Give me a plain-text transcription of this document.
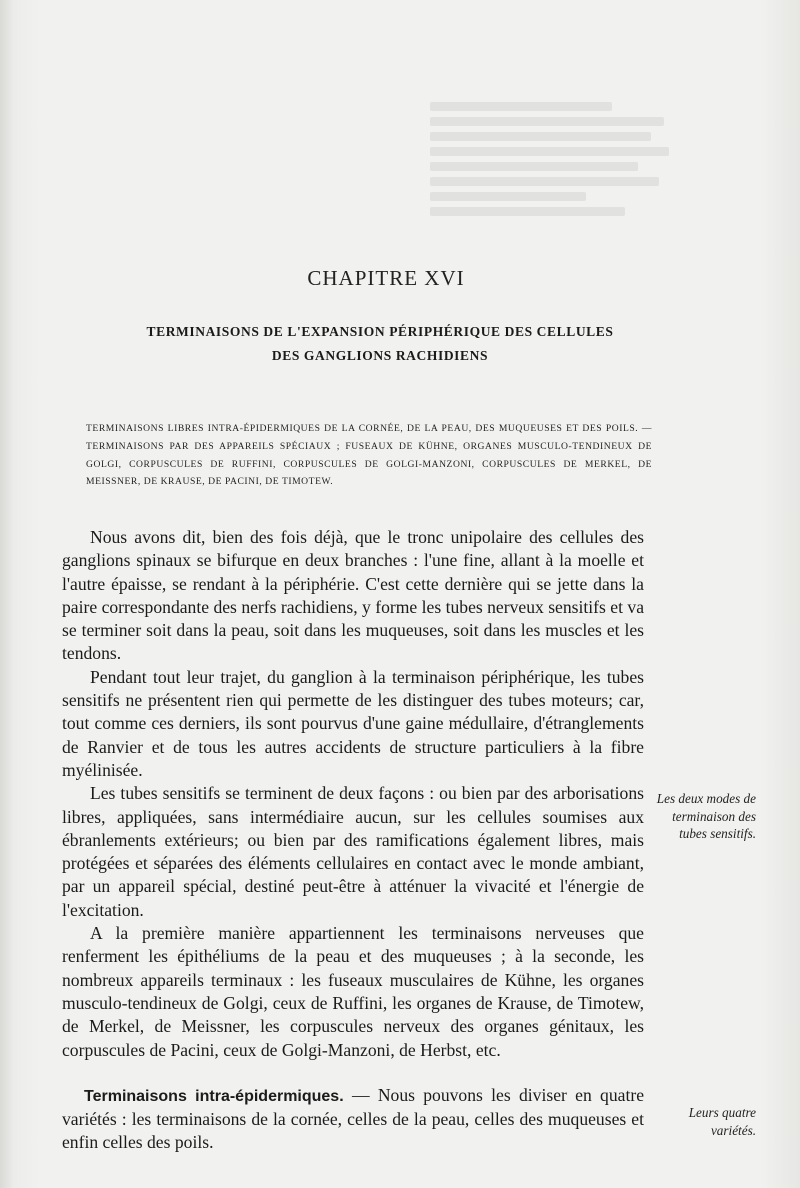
CHAPITRE XVI
TERMINAISONS DE L'EXPANSION PÉRIPHÉRIQUE DES CELLULES
DES GANGLIONS RACHIDIENS
TERMINAISONS LIBRES INTRA-ÉPIDERMIQUES DE LA CORNÉE, DE LA PEAU, DES MUQUEUSES ET DES POILS. — TERMINAISONS PAR DES APPAREILS SPÉCIAUX ; FUSEAUX DE KÜHNE, ORGANES MUSCULO-TENDINEUX DE GOLGI, CORPUSCULES DE RUFFINI, CORPUSCULES DE GOLGI-MANZONI, CORPUSCULES DE MERKEL, DE MEISSNER, DE KRAUSE, DE PACINI, DE TIMOTEW.

Nous avons dit, bien des fois déjà, que le tronc unipolaire des cellules des ganglions spinaux se bifurque en deux branches : l'une fine, allant à la moelle et l'autre épaisse, se rendant à la périphérie. C'est cette dernière qui se jette dans la paire correspondante des nerfs rachidiens, y forme les tubes nerveux sensitifs et va se terminer soit dans la peau, soit dans les muqueuses, soit dans les muscles et les tendons.

Pendant tout leur trajet, du ganglion à la terminaison périphérique, les tubes sensitifs ne présentent rien qui permette de les distinguer des tubes moteurs; car, tout comme ces derniers, ils sont pourvus d'une gaine médullaire, d'étranglements de Ranvier et de tous les autres accidents de structure particuliers à la fibre myélinisée.

Les tubes sensitifs se terminent de deux façons : ou bien par des arborisations libres, appliquées, sans intermédiaire aucun, sur les cellules soumises aux ébranlements extérieurs; ou bien par des ramifications également libres, mais protégées et séparées des éléments cellulaires en contact avec le monde ambiant, par un appareil spécial, destiné peut-être à atténuer la vivacité et l'énergie de l'excitation.

A la première manière appartiennent les terminaisons nerveuses que renferment les épithéliums de la peau et des muqueuses ; à la seconde, les nombreux appareils terminaux : les fuseaux musculaires de Kühne, les organes musculo-tendineux de Golgi, ceux de Ruffini, les organes de Krause, de Timotew, de Merkel, de Meissner, les corpuscules nerveux des organes génitaux, les corpuscules de Pacini, ceux de Golgi-Manzoni, de Herbst, etc.

Terminaisons intra-épidermiques. — Nous pouvons les diviser en quatre variétés : les terminaisons de la cornée, celles de la peau, celles des muqueuses et enfin celles des poils.

Les deux modes de terminaison des tubes sensitifs.
Leurs quatre variétés.
